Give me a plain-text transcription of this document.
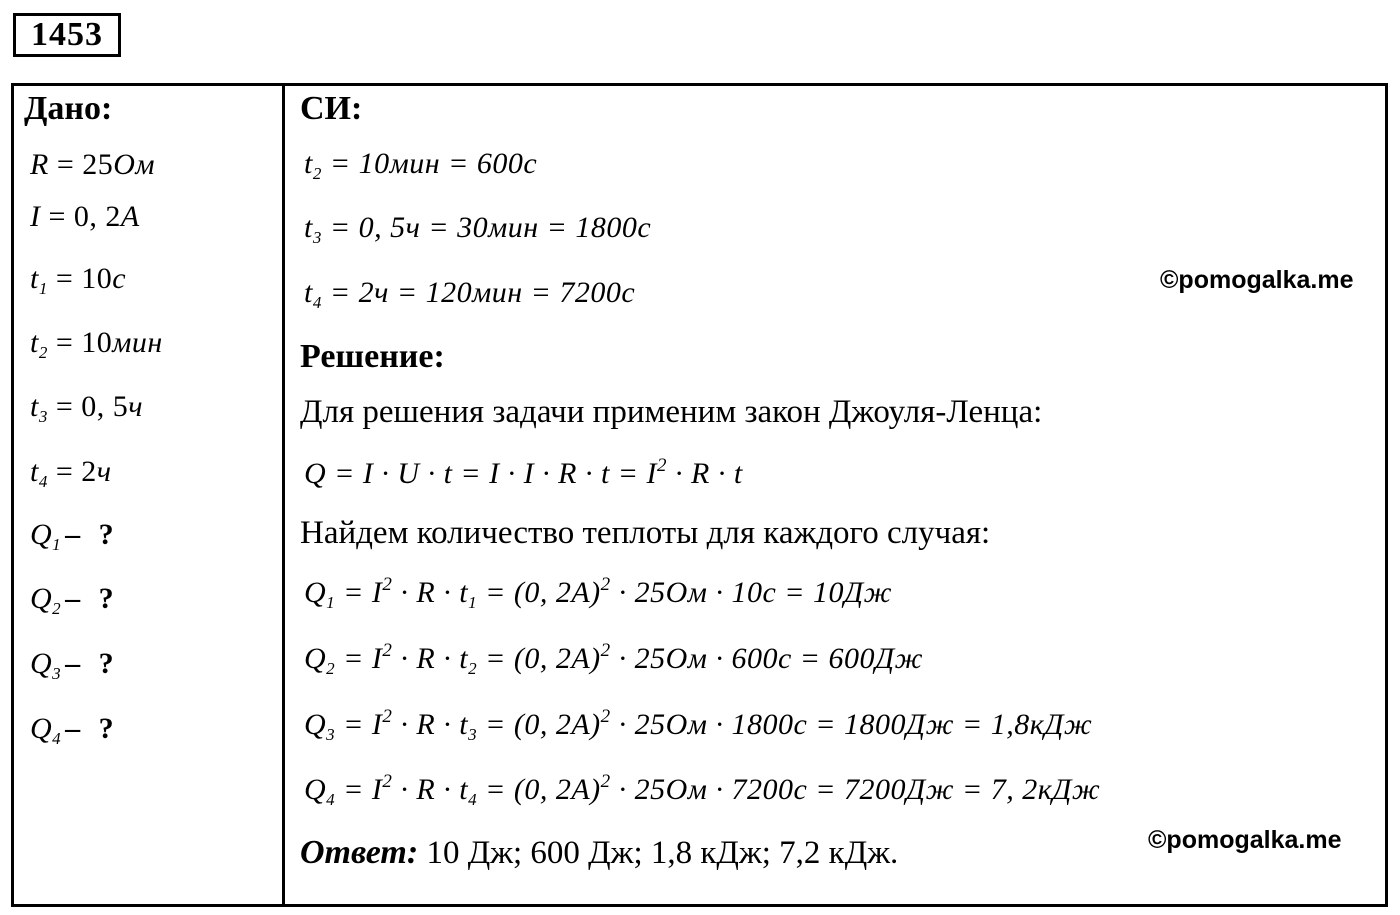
1453
Дано:
R = 25Ом
I = 0, 2A
$t_1 = 10c$
$t_2 = 10мин$
$t_3 = 0$, 5ч
$t_4 = 2ч$
$Q_1$ – ?
$Q_2$ – ?
$Q_3$ – ?
$Q_4$ – ?
СИ:
$t_2 = 10мин = 600с$
$t_3 = 0$, 5ч = 30мин = 1800с
$t_4 = 2ч = 120мин = 7200с$	©pomogalka.me
Решение:
Для решения задачи применим закон Джоуля-Ленца:
$Q = I \cdot U \cdot t = I \cdot I \cdot R \cdot t = I^2 \cdot R \cdot t$
Найдем количество теплоты для каждого случая:
$Q_1 = I^2 \cdot R \cdot t_1 = (0$, 2A)$^2$ · 25Ом · 10с = 10Дж
$Q_2 = I^2 \cdot R \cdot t_2 = (0$, 2A)$^2$ · 25Ом · 600с = 600Дж
$Q_3 = I^2 \cdot R \cdot t_3 = (0$, 2A)$^2$ · 25Ом · 1800с = 1800Дж = 1,8кДж
$Q_4 = I^2 \cdot R \cdot t_4 = (0$, 2A)$^2$ · 25Ом · 7200с = 7200Дж = 7, 2кДж
©pomogalka.me
Ответ: 10 Дж; 600 Дж; 1,8 кДж; 7,2 кДж.
